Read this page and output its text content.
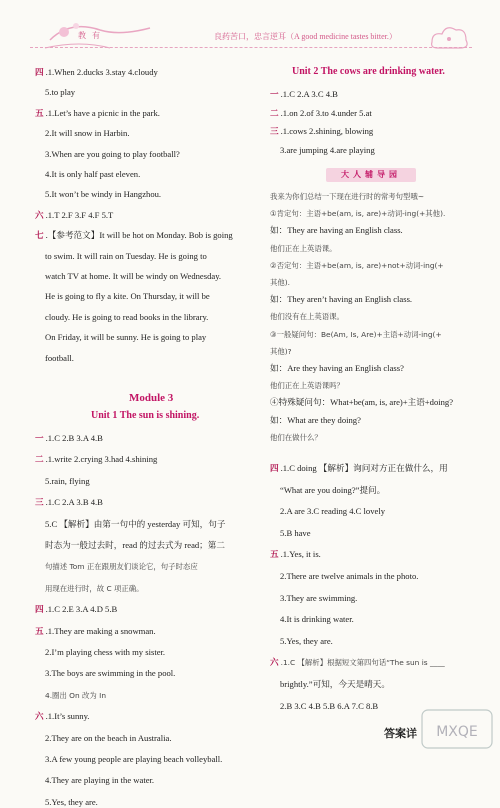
教 有	良药苦口，忠言逆耳（A good medicine tastes bitter.）
四 .1.When 2.ducks 3.stay 4.cloudy
5.to play
五 .1.Let’s have a picnic in the park.
2.It will snow in Harbin.
3.When are you going to play football?
4.It is only half past eleven.
5.It won’t be windy in Hangzhou.
六 .1.T 2.F 3.F 4.F 5.T
七 .【参考范文】It will be hot on Monday. Bob is going
to swim. It will rain on Tuesday. He is going to
watch TV at home. It will be windy on Wednesday.
He is going to fly a kite. On Thursday, it will be
cloudy. He is going to read books in the library.
On Friday, it will be sunny. He is going to play
football.
Module 3
Unit 1 The sun is shining.
一 .1.C 2.B 3.A 4.B
二 .1.write 2.crying 3.had 4.shining
5.rain, flying
三 .1.C 2.A 3.B 4.B
5.C 【解析】由第一句中的 yesterday 可知，句子
时态为一般过去时，read 的过去式为 read；第二
句描述 Tom 正在跟朋友们谈论它，句子时态应
用现在进行时，故 C 项正确。
四 .1.C 2.E 3.A 4.D 5.B
五 .1.They are making a snowman.
2.I’m playing chess with my sister.
3.The boys are swimming in the pool.
4.圈出 On 改为 In
六 .1.It’s sunny.
2.They are on the beach in Australia.
3.A few young people are playing beach volleyball.
4.They are playing in the water.
5.Yes, they are.
Unit 2 The cows are drinking water.
一 .1.C 2.A 3.C 4.B
二 .1.on 2.of 3.to 4.under 5.at
三 .1.cows 2.shining, blowing
3.are jumping 4.are playing
大人辅导园
我来为你们总结一下现在进行时的常考句型哦~
①肯定句：主语+be(am, is, are)+动词-ing(+其他).
如：They are having an English class.
他们正在上英语课。
②否定句：主语+be(am, is, are)+not+动词-ing(+
其他).
如：They aren’t having an English class.
他们没有在上英语课。
③一般疑问句：Be(Am, Is, Are)+主语+动词-ing(+
其他)?
如：Are they having an English class?
他们正在上英语课吗？
④特殊疑问句：What+be(am, is, are)+主语+doing?
如：What are they doing?
他们在做什么？
四 .1.C doing 【解析】询问对方正在做什么，用
“What are you doing?”提问。
2.A are 3.C reading 4.C lovely
5.B have
五 .1.Yes, it is.
2.There are twelve animals in the photo.
3.They are swimming.
4.It is drinking water.
5.Yes, they are.
六 .1.C 【解析】根据短文第四句话“The sun is ____
brightly.”可知，今天是晴天。
2.B 3.C 4.B 5.B 6.A 7.C 8.B
答案详 MXQE
